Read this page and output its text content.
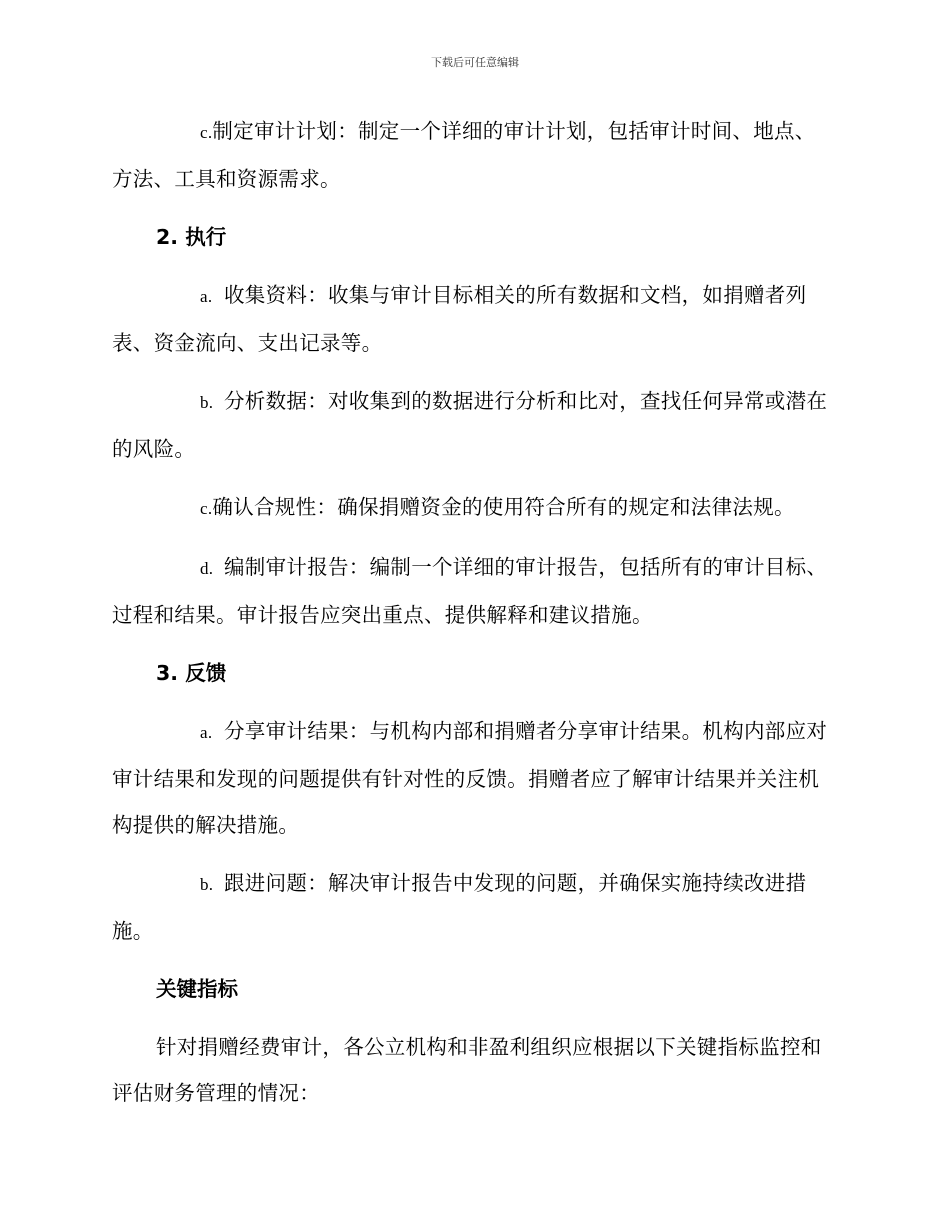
下载后可任意编辑

c.制定审计计划：制定一个详细的审计计划，包括审计时间、地点、方法、工具和资源需求。

2. 执行

a. 收集资料：收集与审计目标相关的所有数据和文档，如捐赠者列表、资金流向、支出记录等。

b. 分析数据：对收集到的数据进行分析和比对，查找任何异常或潜在的风险。

c.确认合规性：确保捐赠资金的使用符合所有的规定和法律法规。

d. 编制审计报告：编制一个详细的审计报告，包括所有的审计目标、过程和结果。审计报告应突出重点、提供解释和建议措施。

3. 反馈

a. 分享审计结果：与机构内部和捐赠者分享审计结果。机构内部应对审计结果和发现的问题提供有针对性的反馈。捐赠者应了解审计结果并关注机构提供的解决措施。

b. 跟进问题：解决审计报告中发现的问题，并确保实施持续改进措施。

关键指标

针对捐赠经费审计，各公立机构和非盈利组织应根据以下关键指标监控和评估财务管理的情况：
